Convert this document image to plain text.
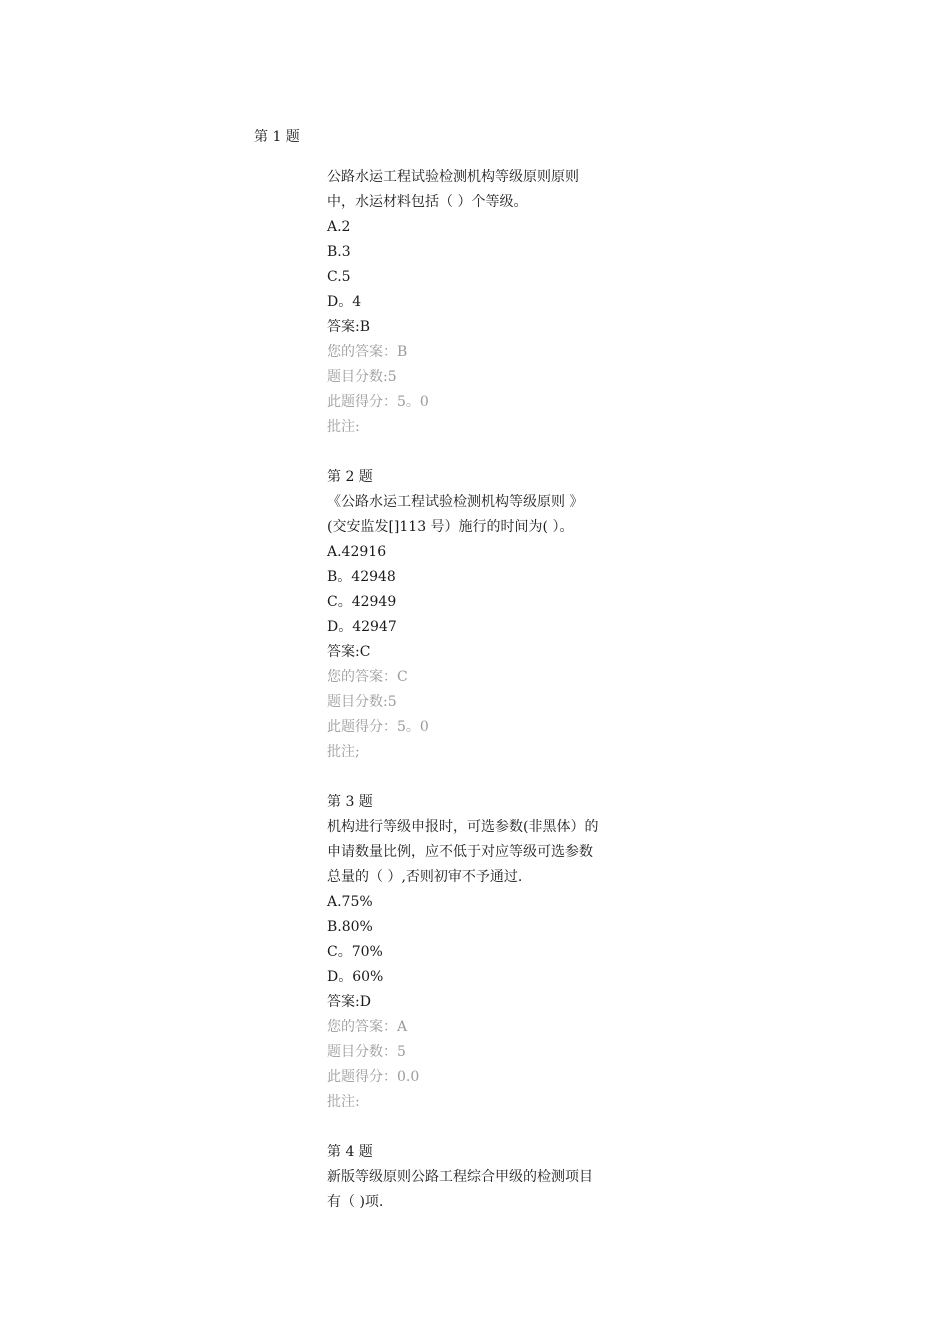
第 1 题
公路水运工程试验检测机构等级原则原则
中，水运材料包括（ ）个等级。
A.2
B.3
C.5
D。4
答案:B
您的答案：B
题目分数:5
此题得分：5。0
批注:
第 2 题
《公路水运工程试验检测机构等级原则 》
(交安监发[]113 号）施行的时间为( ）。
A.42916
B。42948
C。42949
D。42947
答案:C
您的答案：C
题目分数:5
此题得分：5。0
批注;
第 3 题
机构进行等级申报时，可选参数(非黑体）的
申请数量比例，应不低于对应等级可选参数
总量的（ ）,否则初审不予通过.
A.75%
B.80%
C。70%
D。60%
答案:D
您的答案：A
题目分数：5
此题得分：0.0
批注:
第 4 题
新版等级原则公路工程综合甲级的检测项目
有（ )项.
